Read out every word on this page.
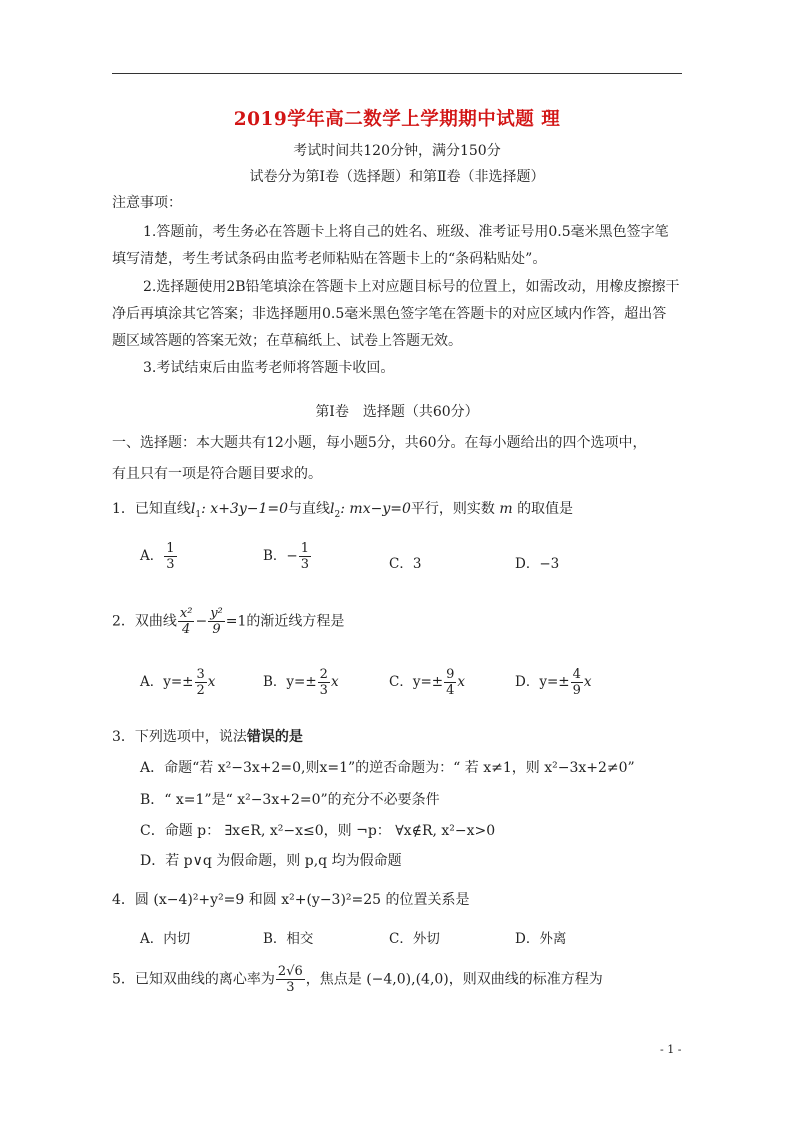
2019学年高二数学上学期期中试题 理
考试时间共120分钟，满分150分
试卷分为第Ⅰ卷（选择题）和第Ⅱ卷（非选择题）
注意事项：
1.答题前，考生务必在答题卡上将自己的姓名、班级、准考证号用0.5毫米黑色签字笔
填写清楚，考生考试条码由监考老师粘贴在答题卡上的“条码粘贴处”。
2.选择题使用2B铅笔填涂在答题卡上对应题目标号的位置上，如需改动，用橡皮擦擦干
净后再填涂其它答案；非选择题用0.5毫米黑色签字笔在答题卡的对应区域内作答，超出答
题区域答题的答案无效；在草稿纸上、试卷上答题无效。
3.考试结束后由监考老师将答题卡收回。
第Ⅰ卷　选择题（共60分）
一、选择题：本大题共有12小题，每小题5分，共60分。在每小题给出的四个选项中，
有且只有一项是符合题目要求的。
1．已知直线$l_1$: x+3y−1=0与直线$l_2$: mx−y=0平行，则实数 m 的取值是
A． $\frac{1}{3}$	B．− $\frac{1}{3}$	C．3	D．−3
2．双曲线 $\frac{\text{x²}}{4} - \frac{\text{y²}}{9} =1$的渐近线方程是
A．$y=\pm \frac{3}{2}$ x	B．$y=\pm \frac{2}{3}$ x	C．$y=\pm \frac{9}{4}$ x	D．$y=\pm \frac{4}{9}$ x
3．下列选项中，说法错误的是
A．命题“若 x²−3x+2=0,则x=1”的逆否命题为：“ 若 x≠1，则 x²−3x+2≠0”
B．“ x=1”是“ x²−3x+2=0”的充分不必要条件
C．命题 p： ∃x∈R, x²−x≤0，则 ¬p： ∀x∉R, x²−x>0
D．若 p∨q 为假命题，则 p,q 均为假命题
4．圆 (x−4)²+y²=9 和圆 x²+(y−3)²=25 的位置关系是
A．内切	B．相交	C．外切	D．外离
5．已知双曲线的离心率为 $\frac{2√6}{3}$ ，焦点是 (−4,0),(4,0)，则双曲线的标准方程为
- 1 -
